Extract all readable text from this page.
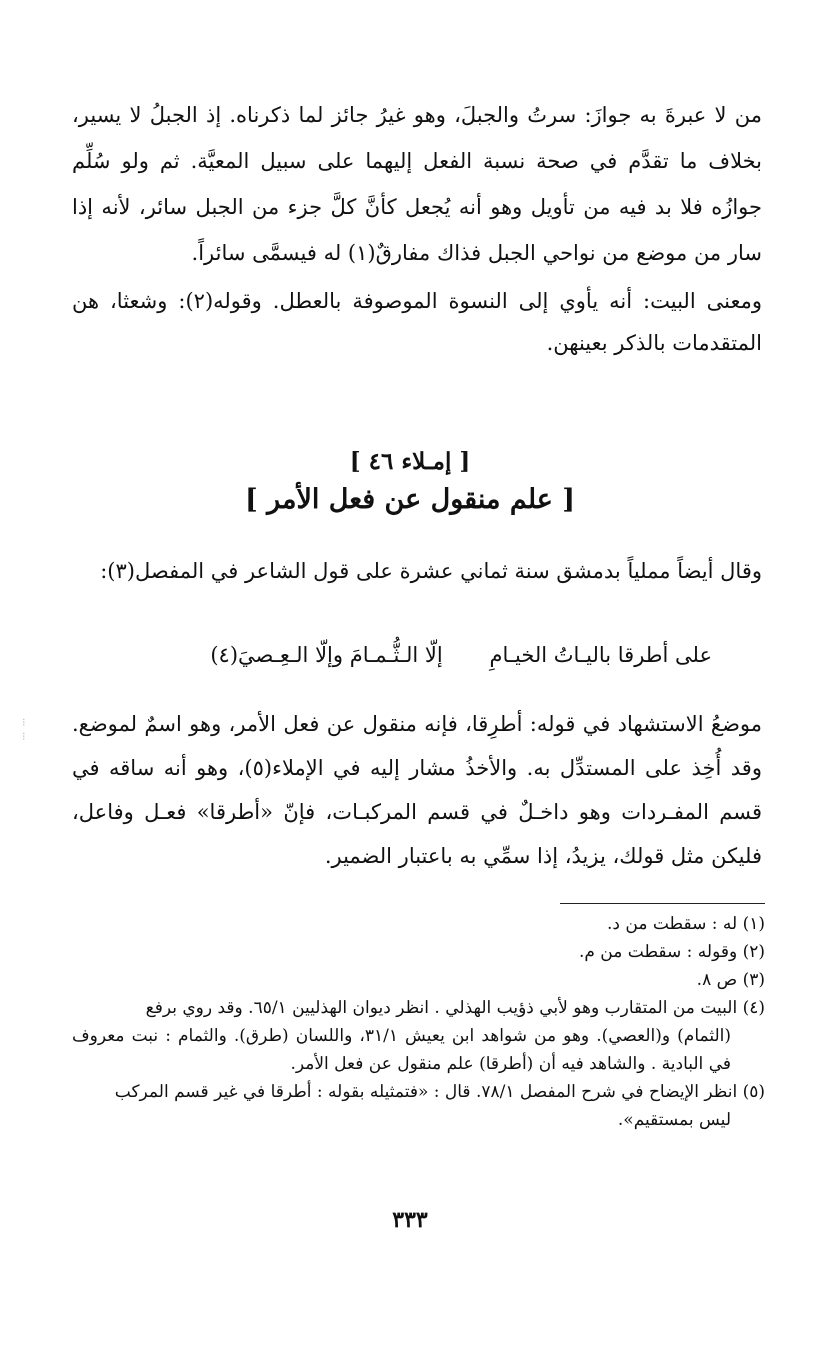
من لا عبرةَ به جوازَ: سرتُ والجبلَ، وهو غيرُ جائز لما ذكرناه. إذ الجبلُ لا يسير، بخلاف ما تقدَّم في صحة نسبة الفعل إليهما على سبيل المعيَّة. ثم ولو سُلِّم جوازُه فلا بد فيه من تأويل وهو أنه يُجعل كأنَّ كلَّ جزء من الجبل سائر، لأنه إذا سار من موضع من نواحي الجبل فذاك مفارقٌ(١) له فيسمَّى سائراً.

ومعنى البيت: أنه يأوي إلى النسوة الموصوفة بالعطل. وقوله(٢): وشعثا، هن المتقدمات بالذكر بعينهن.

[ إمـلاء ٤٦ ]

[ علم منقول عن فعل الأمر ]

وقال أيضاً مملياً بدمشق سنة ثماني عشرة على قول الشاعر في المفصل(٣):

على أطرقا باليـاتُ الخيـامِ إلّا الـثُّـمـامَ وإلّا الـعِـصيَ(٤)

موضعُ الاستشهاد في قوله: أطرِقا، فإنه منقول عن فعل الأمر، وهو اسمٌ لموضع. وقد أُخِذ على المستدِّل به. والأخذُ مشار إليه في الإملاء(٥)، وهو أنه ساقه في قسم المفـردات وهو داخـلٌ في قسم المركبـات، فإنّ «أطرقا» فعـل وفاعل، فليكن مثل قولك، يزيدُ، إذا سمِّي به باعتبار الضمير.

⁝
⁝
(١) له : سقطت من د.
(٢) وقوله : سقطت من م.
(٣) ص ٨.
(٤) البيت من المتقارب وهو لأبي ذؤيب الهذلي . انظر ديوان الهذليين ٦٥/١. وقد روي برفع
(الثمام) و(العصي). وهو من شواهد ابن يعيش ٣١/١، واللسان (طرق). والثمام : نبت معروف في البادية . والشاهد فيه أن (أطرقا) علم منقول عن فعل الأمر.
(٥) انظر الإيضاح في شرح المفصل ٧٨/١. قال : «فتمثيله بقوله : أطرقا في غير قسم المركب
ليس بمستقيم».
٣٣٣
